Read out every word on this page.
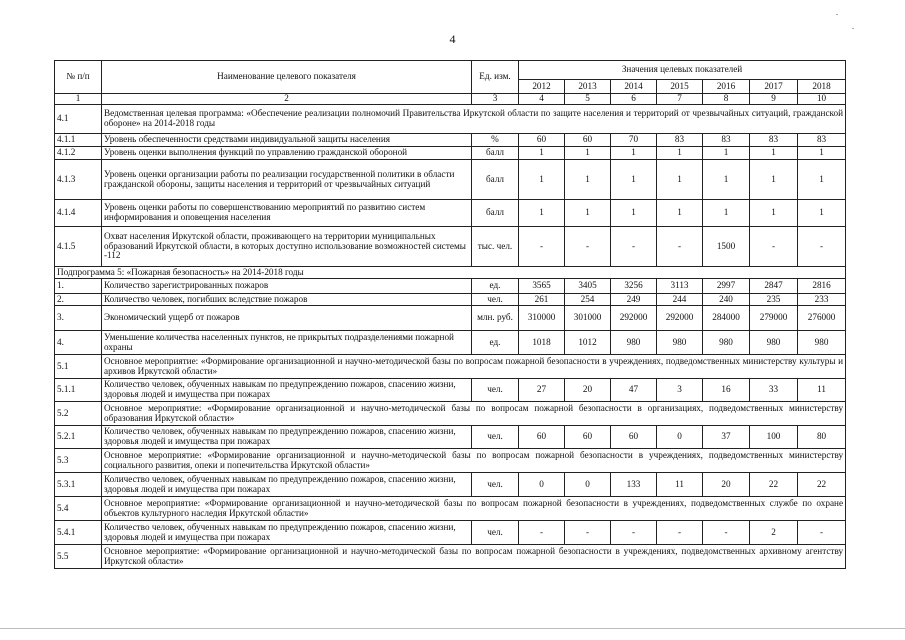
4
№ п/п	Наименование целевого показателя	Ед. изм.	Значения целевых показателей						
			2012	2013	2014	2015	2016	2017	2018
1	2	3	4	5	6	7	8	9	10
4.1	Ведомственная целевая программа: «Обеспечение реализации полномочий Правительства Иркутской области по защите населения и территорий от чрезвычайных ситуаций, гражданской обороне» на 2014-2018 годы								
4.1.1	Уровень обеспеченности средствами индивидуальной защиты населения	%	60	60	70	83	83	83	83
4.1.2	Уровень оценки выполнения функций по управлению гражданской обороной	балл	1	1	1	1	1	1	1
4.1.3	Уровень оценки организации работы по реализации государственной политики в области гражданской обороны, защиты населения и территорий от чрезвычайных ситуаций	балл	1	1	1	1	1	1	1
4.1.4	Уровень оценки работы по совершенствованию мероприятий по развитию систем информирования и оповещения населения	балл	1	1	1	1	1	1	1
4.1.5	Охват населения Иркутской области, проживающего на территории муниципальных образований Иркутской области, в которых доступно использование возможностей системы -112	тыс. чел.	-	-	-	-	1500	-	-
Подпрограмма 5: «Пожарная безопасность» на 2014-2018 годы									
1.	Количество зарегистрированных пожаров	ед.	3565	3405	3256	3113	2997	2847	2816
2.	Количество человек, погибших вследствие пожаров	чел.	261	254	249	244	240	235	233
3.	Экономический ущерб от пожаров	млн. руб.	310000	301000	292000	292000	284000	279000	276000
4.	Уменьшение количества населенных пунктов, не прикрытых подразделениями пожарной охраны	ед.	1018	1012	980	980	980	980	980
5.1	Основное мероприятие: «Формирование организационной и научно-методической базы по вопросам пожарной безопасности в учреждениях, подведомственных министерству культуры и архивов Иркутской области»								
5.1.1	Количество человек, обученных навыкам по предупреждению пожаров, спасению жизни, здоровья людей и имущества при пожарах	чел.	27	20	47	3	16	33	11
5.2	Основное мероприятие: «Формирование организационной и научно-методической базы по вопросам пожарной безопасности в организациях, подведомственных министерству образования Иркутской области»								
5.2.1	Количество человек, обученных навыкам по предупреждению пожаров, спасению жизни, здоровья людей и имущества при пожарах	чел.	60	60	60	0	37	100	80
5.3	Основное мероприятие: «Формирование организационной и научно-методической базы по вопросам пожарной безопасности в учреждениях, подведомственных министерству социального развития, опеки и попечительства Иркутской области»								
5.3.1	Количество человек, обученных навыкам по предупреждению пожаров, спасению жизни, здоровья людей и имущества при пожарах	чел.	0	0	133	11	20	22	22
5.4	Основное мероприятие: «Формирование организационной и научно-методической базы по вопросам пожарной безопасности в учреждениях, подведомственных службе по охране объектов культурного наследия Иркутской области»								
5.4.1	Количество человек, обученных навыкам по предупреждению пожаров, спасению жизни, здоровья людей и имущества при пожарах	чел.	-	-	-	-	-	2	-
5.5	Основное мероприятие: «Формирование организационной и научно-методической базы по вопросам пожарной безопасности в учреждениях, подведомственных архивному агентству Иркутской области»								
